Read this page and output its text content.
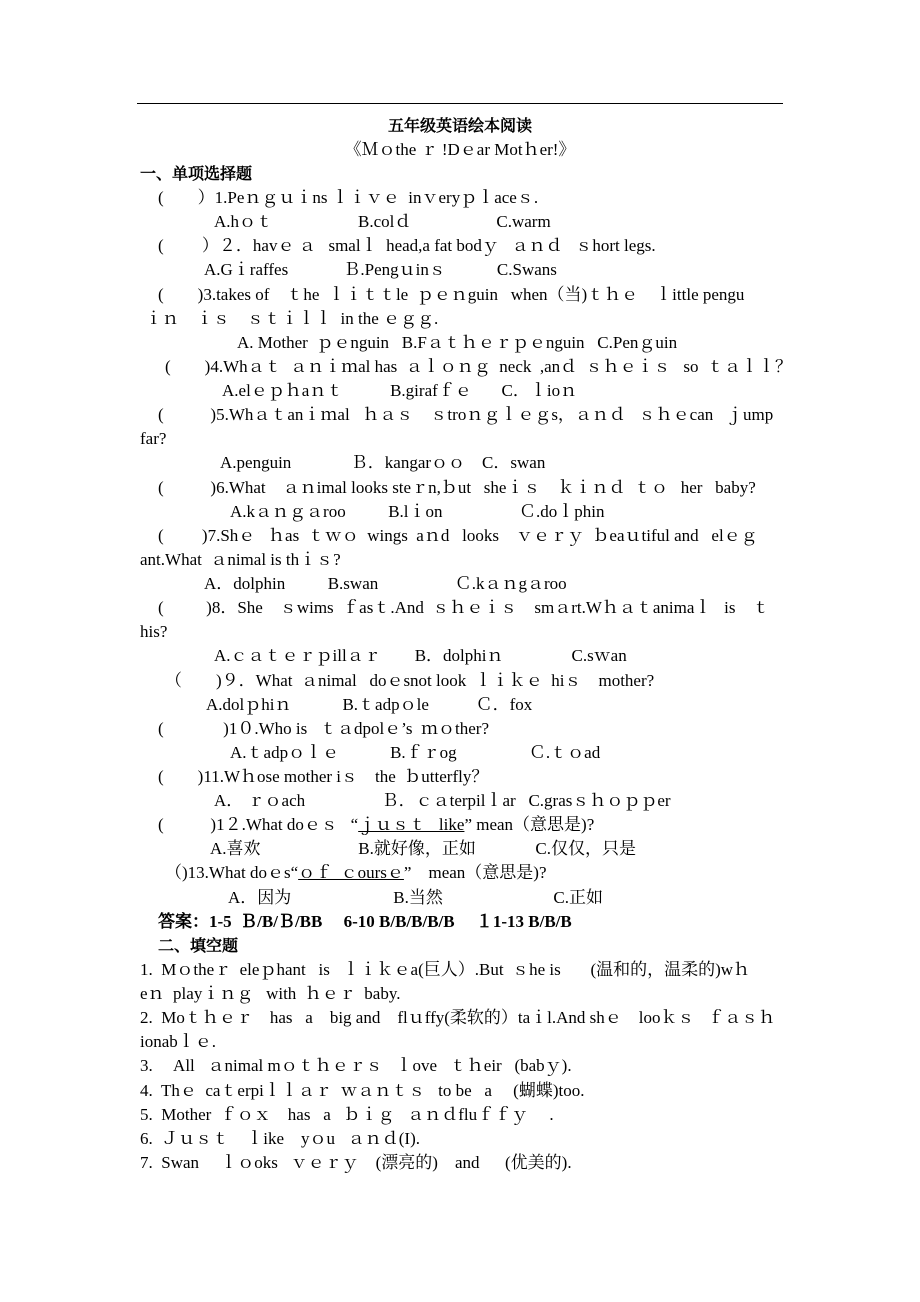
五年级英语绘本阅读
《Ｍｏthe ｒ !Dｅar Motｈer!》
一、单项选择题
(        ）1.Peｎｇｕｉns ｌｉｖｅ  inｖeryｐｌaceｓ.
A.hｏｔ                    B.colｄ                    C.warm
(         ）２．havｅ ａ   smalｌ  head,a fat bodｙ   ａｎｄ   ｓhort legs.
A.Gｉraffes             Ｂ.Pengｕinｓ            C.Swans
(        )3.takes of    ｔhe  ｌｉｔｔle  ｐｅｎguin   when（当)ｔｈｅ    ｌittle pengu
ｉｎ    ｉｓ    ｓｔｉｌｌ  in the ｅｇｇ.
A. Mother  ｐｅnguin   B.Fａｔｈｅｒｐｅnguin   C.Penｇuin
(        )4.Whａｔ  ａｎｉｍal has  ａｌｏｎｇ  neck  ,anｄ  ｓｈｅｉｓ   so  ｔａｌｌ？
A.elｅｐｈaｎｔ           B.girafｆｅ       C．ｌioｎ
(           )5.Whａｔanｉｍal   ｈａｓ    ｓtroｎｇｌｅｇs，ａｎｄ   ｓｈｅcan   ｊump
far?
A.penguin              Ｂ．kangarｏｏ    C．swan
(           )6.What    ａｎimal looks steｒn,ｂut   sheｉｓ    ｋｉｎｄ  ｔｏ   her   baby?
A.kａｎｇａroo          B.lｉon                  Ｃ.doｌphin
(         )7.Shｅ   ｈas  ｔｗｏ  wings  aｎd   looks    ｖｅｒｙ  ｂeaｕtiful and   elｅｇ
ant.What  ａnimal is thｉｓ?
A．dolphin          B.swan                  Ｃ.kａｎgａroo
(          )8．She    ｓwims  ｆasｔ.And  ｓｈｅｉｓ    smａrt.Wｈａｔanimaｌ   is    ｔ
his?
A.ｃａｔｅｒｐillａｒ        B．dolphiｎ                C.sｗan
（        )９．What  ａnimal   doｅsnot look  ｌｉｋｅ  hiｓ    mother?
A.dolｐhiｎ            B.ｔadpｏle           Ｃ．fox
(              )1０.Who is   ｔａdpolｅ’s  ｍｏther?
A.ｔadpｏｌｅ            B.ｆｒog                 Ｃ.ｔｏad
(        )11.Wｈose mother iｓ    the  ｂutterfly？
A． ｒｏach                  Ｂ．ｃａterpilｌar   C.grasｓｈｏｐｐer
(           )1２.What doｅｓ   “ｊｕｓｔ   like” mean（意思是)?
A.喜欢                       B.就好像，正如              C.仅仅，只是
（)13.What doｅs“ｏｆ  ｃoursｅ”    mean（意思是)?
A．因为                        B.当然                          C.正如
答案：1-5  Ｂ/B/Ｂ/BB     6-10 B/B/B/B/B     １1-13 B/B/B
二、填空题
1.  Mｏtheｒ  eleｐhant   is   ｌｉｋｅa(巨人）.But  ｓhe is       (温和的，温柔的)wｈ
eｎ  playｉｎｇ   with  ｈｅｒ  baby.
2.  Moｔｈｅｒ    has   a    big and    flｕffy(柔软的）taｉl.And shｅ    looｋｓ   ｆａｓｈ
ionabｌｅ.
3.     All   ａnimal mｏｔｈｅｒｓ   ｌove   ｔｈeir   (babｙ).
4.  Thｅ  caｔerpiｌｌａｒ  ｗａｎｔｓ   to be   a     (蝴蝶)too.
5.  Mother  ｆｏｘ    has   a   ｂｉｇ   ａｎｄfluｆｆｙ     .
6.  Ｊｕｓｔ    ｌike    yｏu   ａｎｄ(I).
7.  Swan     ｌｏoks   ｖｅｒｙ    (漂亮的)    and      (优美的).
